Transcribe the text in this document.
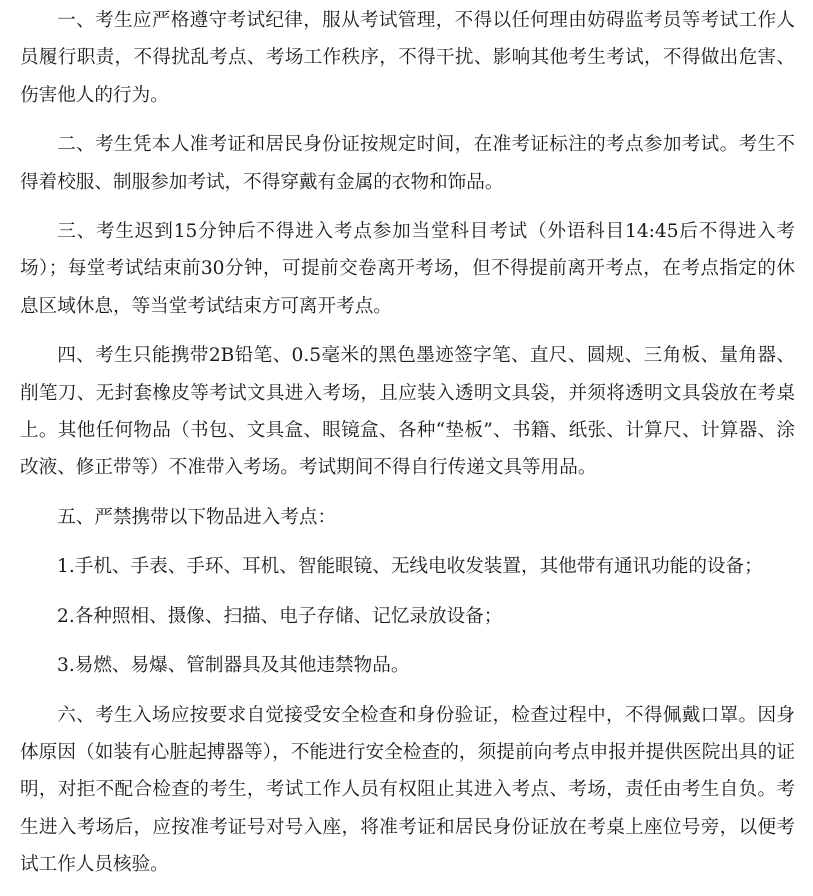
一、考生应严格遵守考试纪律，服从考试管理，不得以任何理由妨碍监考员等考试工作人员履行职责，不得扰乱考点、考场工作秩序，不得干扰、影响其他考生考试，不得做出危害、伤害他人的行为。

二、考生凭本人准考证和居民身份证按规定时间，在准考证标注的考点参加考试。考生不得着校服、制服参加考试，不得穿戴有金属的衣物和饰品。

三、考生迟到15分钟后不得进入考点参加当堂科目考试（外语科目14:45后不得进入考场）；每堂考试结束前30分钟，可提前交卷离开考场，但不得提前离开考点，在考点指定的休息区域休息，等当堂考试结束方可离开考点。

四、考生只能携带2B铅笔、0.5毫米的黑色墨迹签字笔、直尺、圆规、三角板、量角器、削笔刀、无封套橡皮等考试文具进入考场，且应装入透明文具袋，并须将透明文具袋放在考桌上。其他任何物品（书包、文具盒、眼镜盒、各种“垫板”、书籍、纸张、计算尺、计算器、涂改液、修正带等）不准带入考场。考试期间不得自行传递文具等用品。

五、严禁携带以下物品进入考点：

1.手机、手表、手环、耳机、智能眼镜、无线电收发装置，其他带有通讯功能的设备；

2.各种照相、摄像、扫描、电子存储、记忆录放设备；

3.易燃、易爆、管制器具及其他违禁物品。

六、考生入场应按要求自觉接受安全检查和身份验证，检查过程中，不得佩戴口罩。因身体原因（如装有心脏起搏器等），不能进行安全检查的，须提前向考点申报并提供医院出具的证明，对拒不配合检查的考生，考试工作人员有权阻止其进入考点、考场，责任由考生自负。考生进入考场后，应按准考证号对号入座，将准考证和居民身份证放在考桌上座位号旁，以便考试工作人员核验。
